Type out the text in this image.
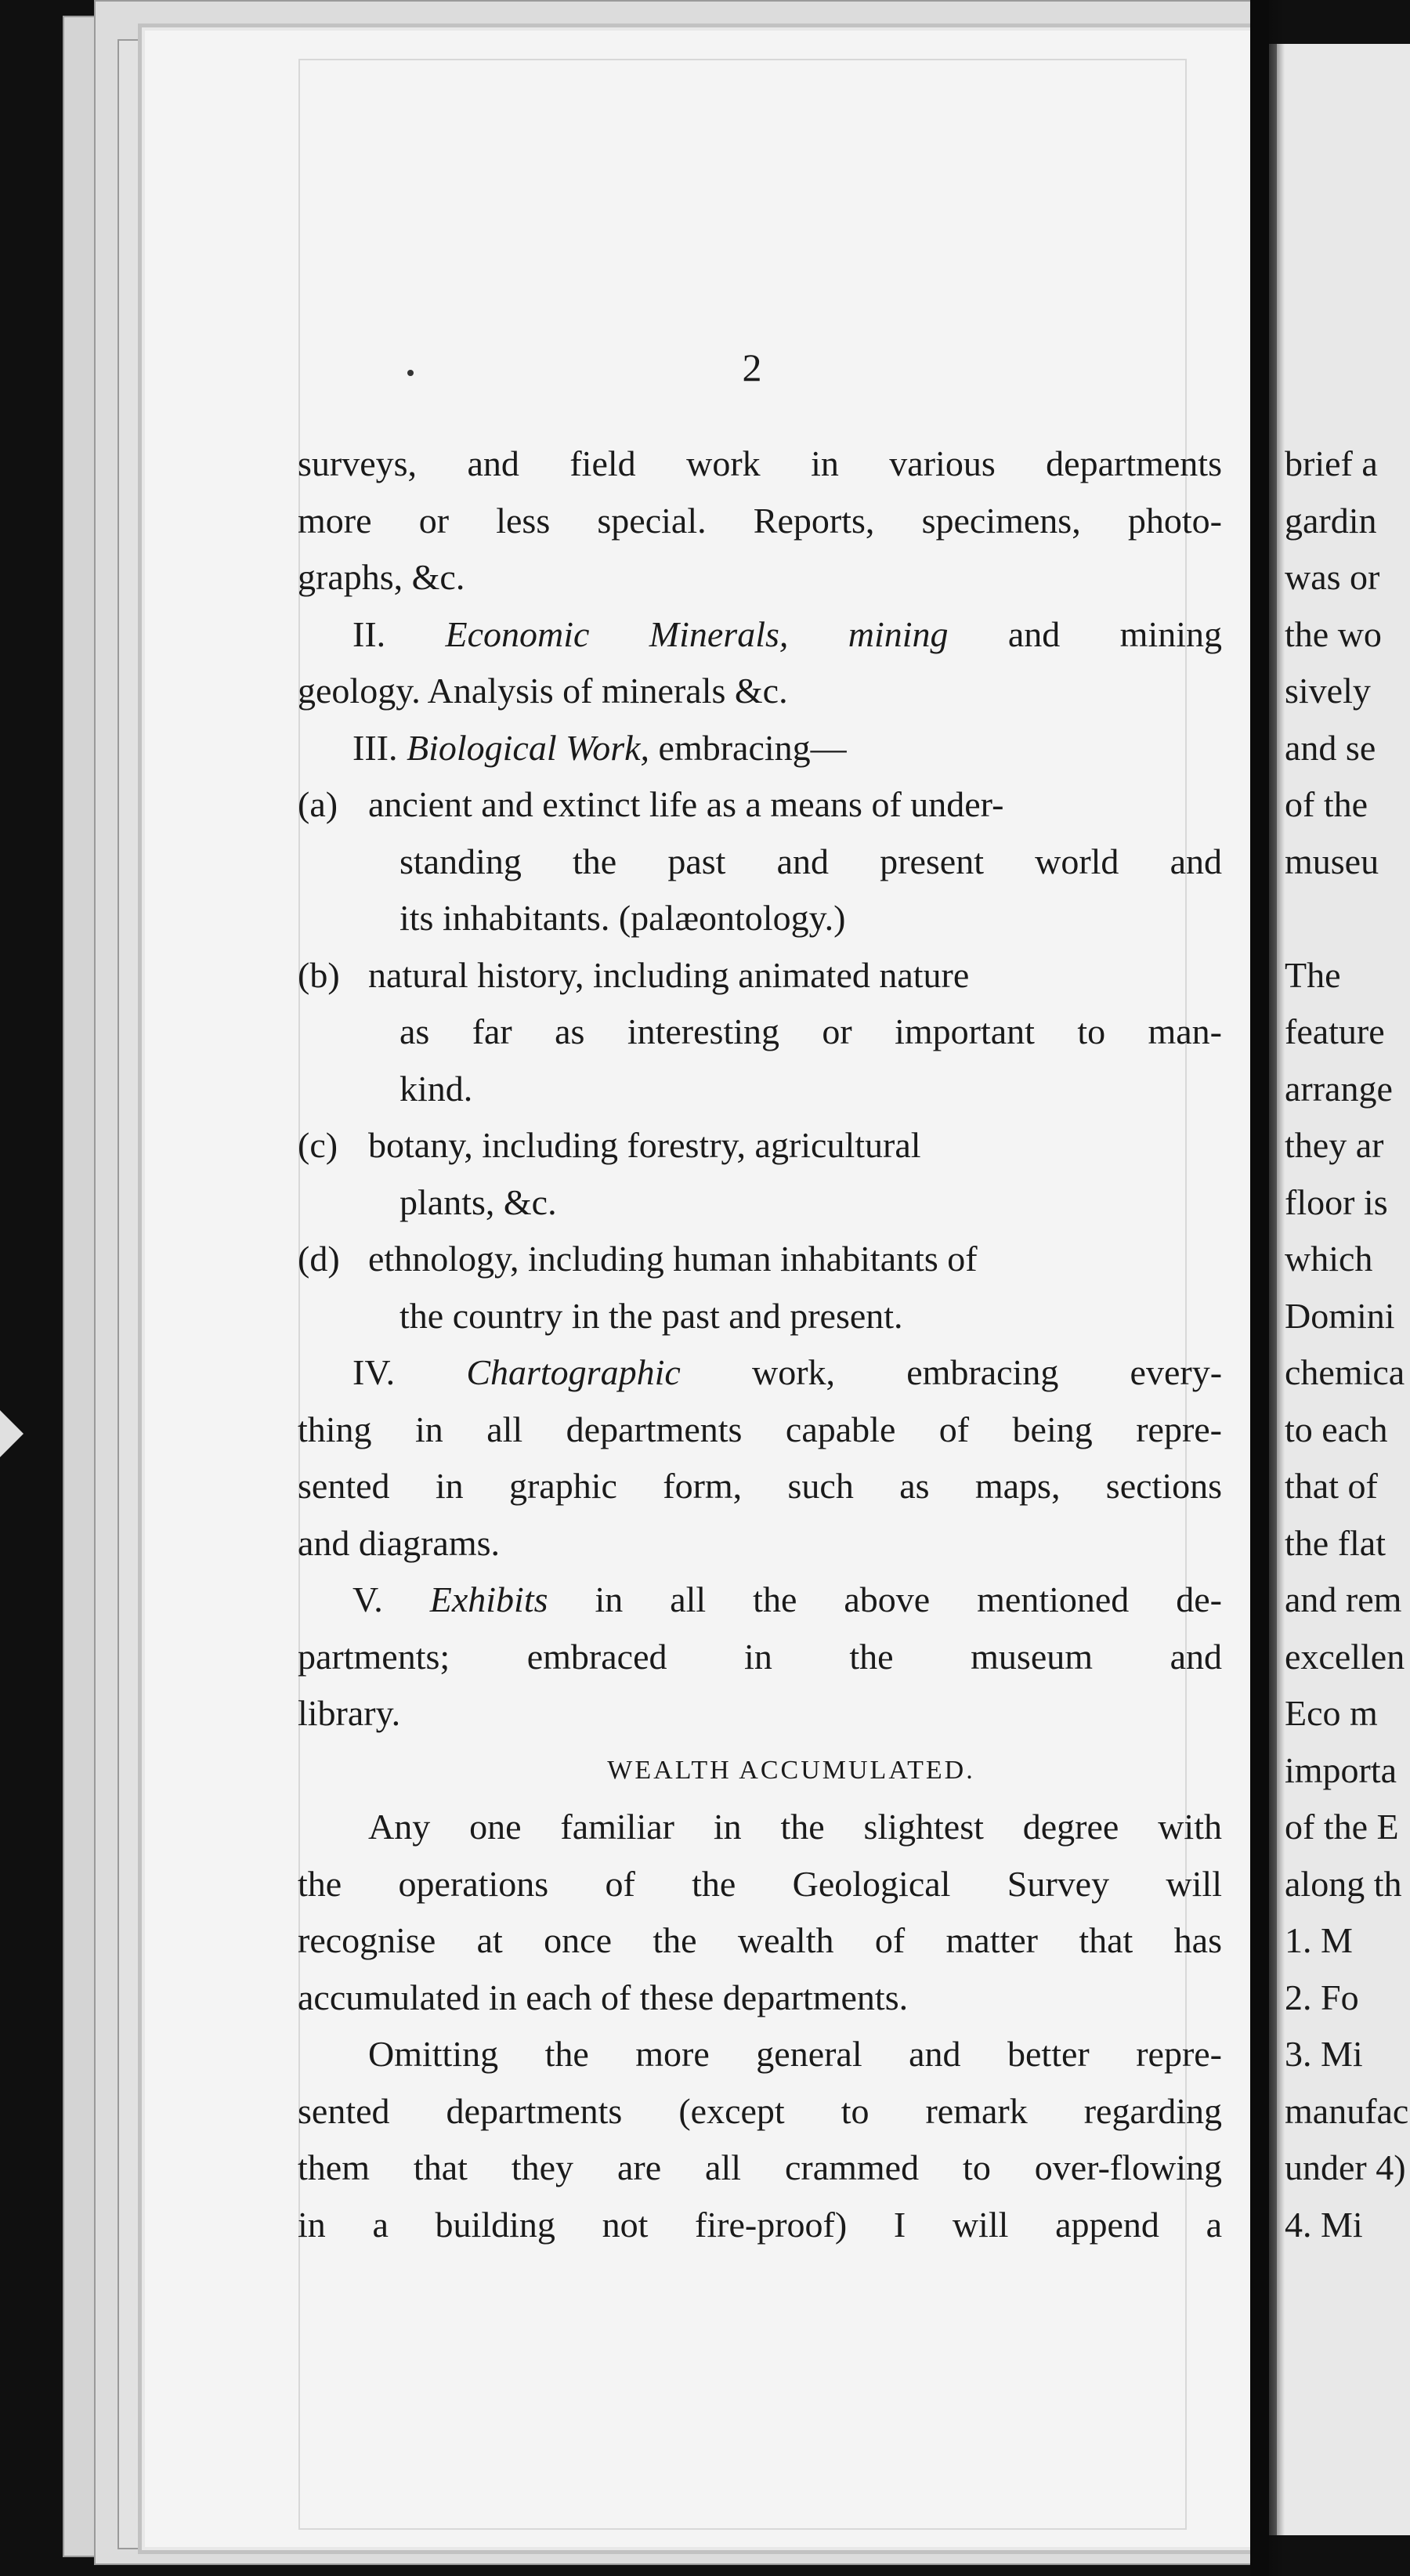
2
surveys, and field work in various departments
more or less special. Reports, specimens, photo-
graphs, &c.
II. Economic Minerals, mining and mining
geology. Analysis of minerals &c.
III. Biological Work, embracing—
(a) ancient and extinct life as a means of under-
standing the past and present world and
its inhabitants. (palæontology.)
(b) natural history, including animated nature
as far as interesting or important to man-
kind.
(c) botany, including forestry, agricultural
plants, &c.
(d) ethnology, including human inhabitants of
the country in the past and present.
IV. Chartographic work, embracing every-
thing in all departments capable of being repre-
sented in graphic form, such as maps, sections
and diagrams.
V. Exhibits in all the above mentioned de-
partments; embraced in the museum and
library.
WEALTH ACCUMULATED.
Any one familiar in the slightest degree with
the operations of the Geological Survey will
recognise at once the wealth of matter that has
accumulated in each of these departments.
Omitting the more general and better repre-
sented departments (except to remark regarding
them that they are all crammed to over-flowing
in a building not fire-proof) I will append a
brief a
gardin
was or
the wo
sively
and se
of the
museu
The
feature
arrange
they ar
floor is
which
Domini
chemica
to each
that of
the flat
and rem
excellen
Eco m
importa
of the E
along th
1. M
2. Fo
3. Mi
manufac
under 4)
4. Mi
